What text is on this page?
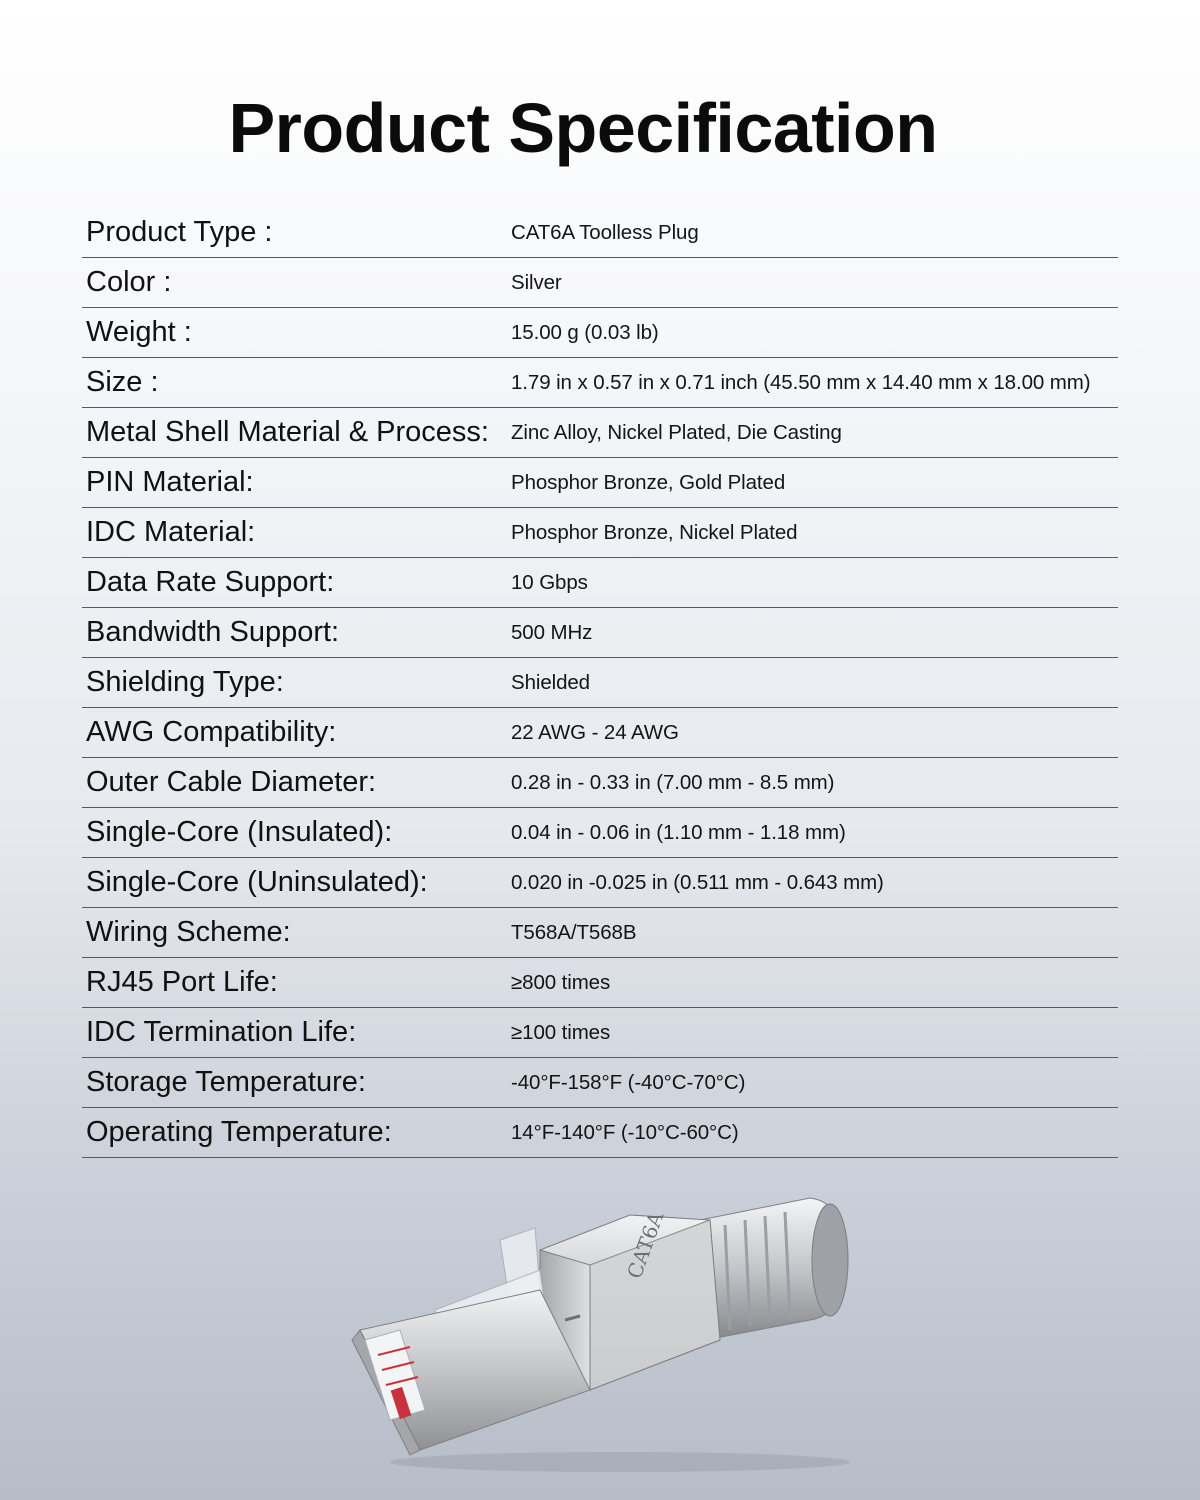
Product Specification
Product Type :	CAT6A Toolless Plug
Color :	Silver
Weight :	15.00 g (0.03 lb)
Size :	1.79 in x 0.57 in x 0.71 inch (45.50 mm x 14.40 mm x 18.00 mm)
Metal Shell Material & Process:	Zinc Alloy, Nickel Plated, Die Casting
PIN Material:	Phosphor Bronze, Gold Plated
IDC Material:	Phosphor Bronze, Nickel Plated
Data Rate Support:	10 Gbps
Bandwidth Support:	500 MHz
Shielding Type:	Shielded
AWG Compatibility:	22 AWG - 24 AWG
Outer Cable Diameter:	0.28 in - 0.33 in (7.00 mm - 8.5 mm)
Single-Core (Insulated):	0.04 in - 0.06 in (1.10 mm - 1.18 mm)
Single-Core (Uninsulated):	0.020 in -0.025 in (0.511 mm - 0.643 mm)
Wiring Scheme:	T568A/T568B
RJ45 Port Life:	≥800 times
IDC Termination Life:	≥100 times
Storage Temperature:	-40°F-158°F (-40°C-70°C)
Operating Temperature:	14°F-140°F (-10°C-60°C)
CAT6A
